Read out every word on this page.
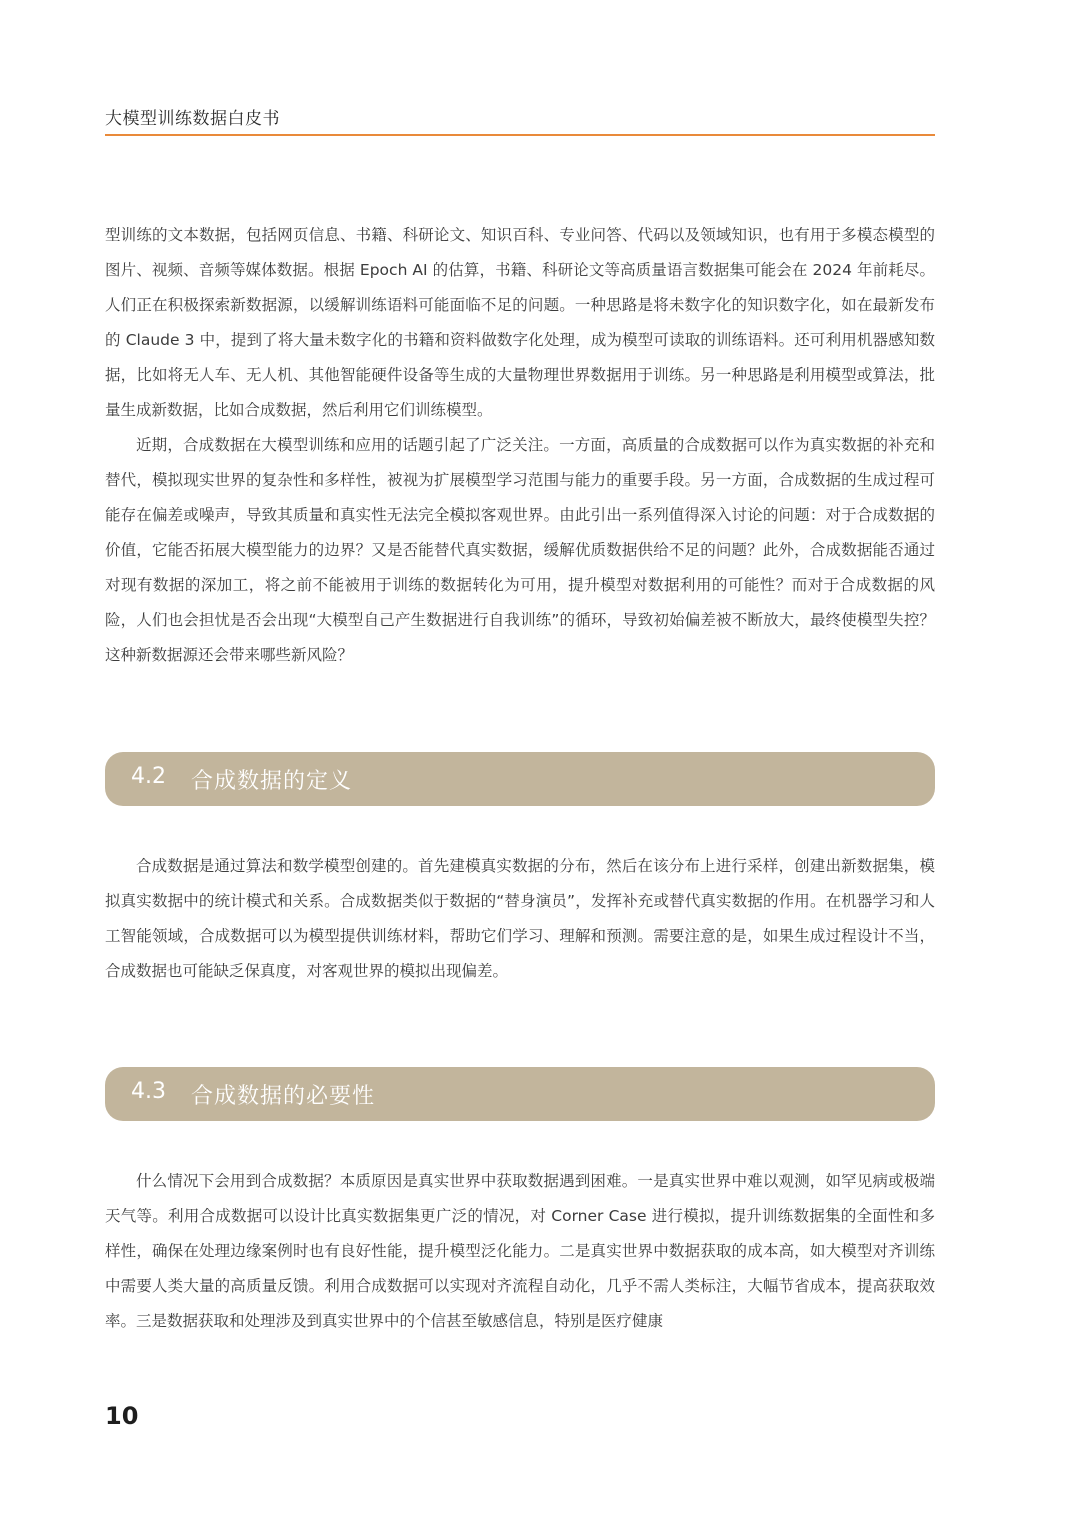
大模型训练数据白皮书

型训练的文本数据，包括网页信息、书籍、科研论文、知识百科、专业问答、代码以及领域知识，也有用于多模态模型的图片、视频、音频等媒体数据。根据 Epoch AI 的估算，书籍、科研论文等高质量语言数据集可能会在 2024 年前耗尽。人们正在积极探索新数据源，以缓解训练语料可能面临不足的问题。一种思路是将未数字化的知识数字化，如在最新发布的 Claude 3 中，提到了将大量未数字化的书籍和资料做数字化处理，成为模型可读取的训练语料。还可利用机器感知数据，比如将无人车、无人机、其他智能硬件设备等生成的大量物理世界数据用于训练。另一种思路是利用模型或算法，批量生成新数据，比如合成数据，然后利用它们训练模型。

近期，合成数据在大模型训练和应用的话题引起了广泛关注。一方面，高质量的合成数据可以作为真实数据的补充和替代，模拟现实世界的复杂性和多样性，被视为扩展模型学习范围与能力的重要手段。另一方面，合成数据的生成过程可能存在偏差或噪声，导致其质量和真实性无法完全模拟客观世界。由此引出一系列值得深入讨论的问题：对于合成数据的价值，它能否拓展大模型能力的边界？又是否能替代真实数据，缓解优质数据供给不足的问题？此外，合成数据能否通过对现有数据的深加工，将之前不能被用于训练的数据转化为可用，提升模型对数据利用的可能性？而对于合成数据的风险，人们也会担忧是否会出现“大模型自己产生数据进行自我训练”的循环，导致初始偏差被不断放大，最终使模型失控？这种新数据源还会带来哪些新风险？

4.2 合成数据的定义

合成数据是通过算法和数学模型创建的。首先建模真实数据的分布，然后在该分布上进行采样，创建出新数据集，模拟真实数据中的统计模式和关系。合成数据类似于数据的“替身演员”，发挥补充或替代真实数据的作用。在机器学习和人工智能领域，合成数据可以为模型提供训练材料，帮助它们学习、理解和预测。需要注意的是，如果生成过程设计不当，合成数据也可能缺乏保真度，对客观世界的模拟出现偏差。

4.3 合成数据的必要性

什么情况下会用到合成数据？本质原因是真实世界中获取数据遇到困难。一是真实世界中难以观测，如罕见病或极端天气等。利用合成数据可以设计比真实数据集更广泛的情况，对 Corner Case 进行模拟，提升训练数据集的全面性和多样性，确保在处理边缘案例时也有良好性能，提升模型泛化能力。二是真实世界中数据获取的成本高，如大模型对齐训练中需要人类大量的高质量反馈。利用合成数据可以实现对齐流程自动化，几乎不需人类标注，大幅节省成本，提高获取效率。三是数据获取和处理涉及到真实世界中的个信甚至敏感信息，特别是医疗健康

10
